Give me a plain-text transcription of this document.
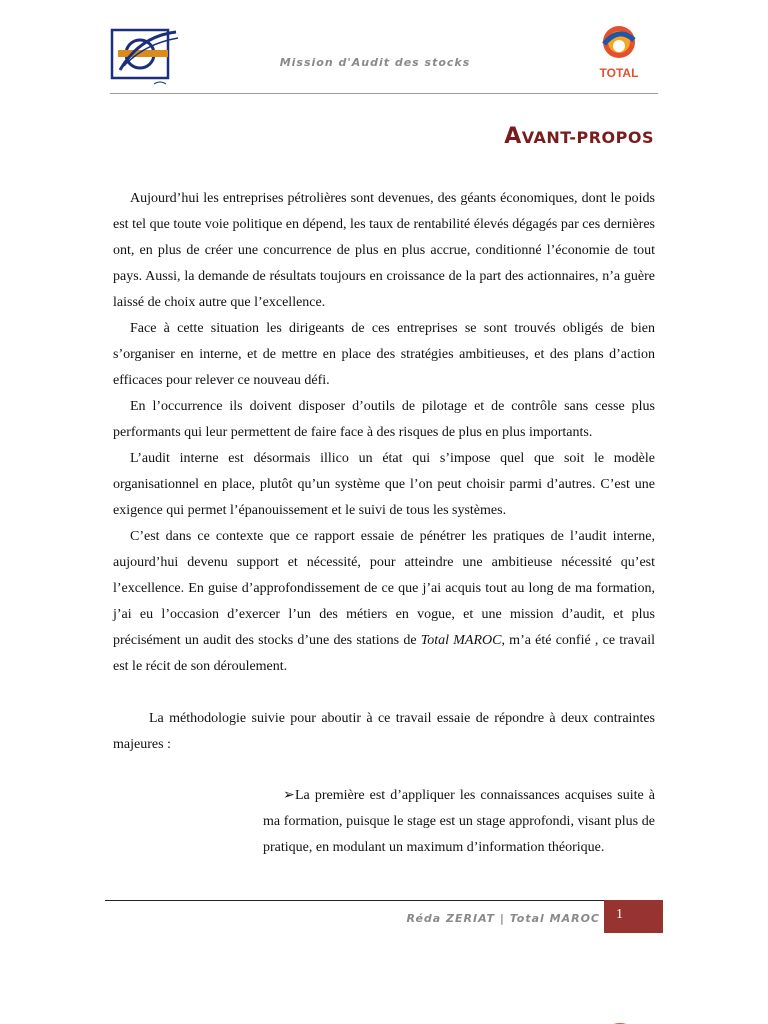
Mission d'Audit des stocks
TOTAL
AVANT-PROPOS

Aujourd’hui les entreprises pétrolières sont devenues, des géants économiques, dont le poids est tel que toute voie politique en dépend, les taux de rentabilité élevés dégagés par ces dernières ont, en plus de créer une concurrence de plus en plus accrue, conditionné l’économie de tout pays. Aussi, la demande de résultats toujours en croissance de la part des actionnaires, n’a guère laissé de choix autre que l’excellence.

Face à cette situation les dirigeants de ces entreprises se sont trouvés obligés de bien s’organiser en interne, et de mettre en place des stratégies ambitieuses, et des plans d’action efficaces pour relever ce nouveau défi.

En l’occurrence ils doivent disposer d’outils de pilotage et de contrôle sans cesse plus performants qui leur permettent de faire face à des risques de plus en plus importants.

L’audit interne est désormais illico un état qui s’impose quel que soit le modèle organisationnel en place, plutôt qu’un système que l’on peut choisir parmi d’autres. C’est une exigence qui permet l’épanouissement et le suivi de tous les systèmes.

C’est dans ce contexte que ce rapport essaie de pénétrer les pratiques de l’audit interne, aujourd’hui devenu support et nécessité, pour atteindre une ambitieuse nécessité qu’est l’excellence. En guise d’approfondissement de ce que j’ai acquis tout au long de ma formation, j’ai eu l’occasion d’exercer l’un des métiers en vogue, et une mission d’audit, et plus précisément un audit des stocks d’une des stations de Total MAROC, m’a été confié , ce travail est le récit de son déroulement.

La méthodologie suivie pour aboutir à ce travail essaie de répondre à deux contraintes majeures :

➢La première est d’appliquer les connaissances acquises suite à ma formation, puisque le stage est un stage approfondi, visant plus de pratique, en modulant un maximum d’information théorique.
Réda ZERIAT | Total MAROC 1
